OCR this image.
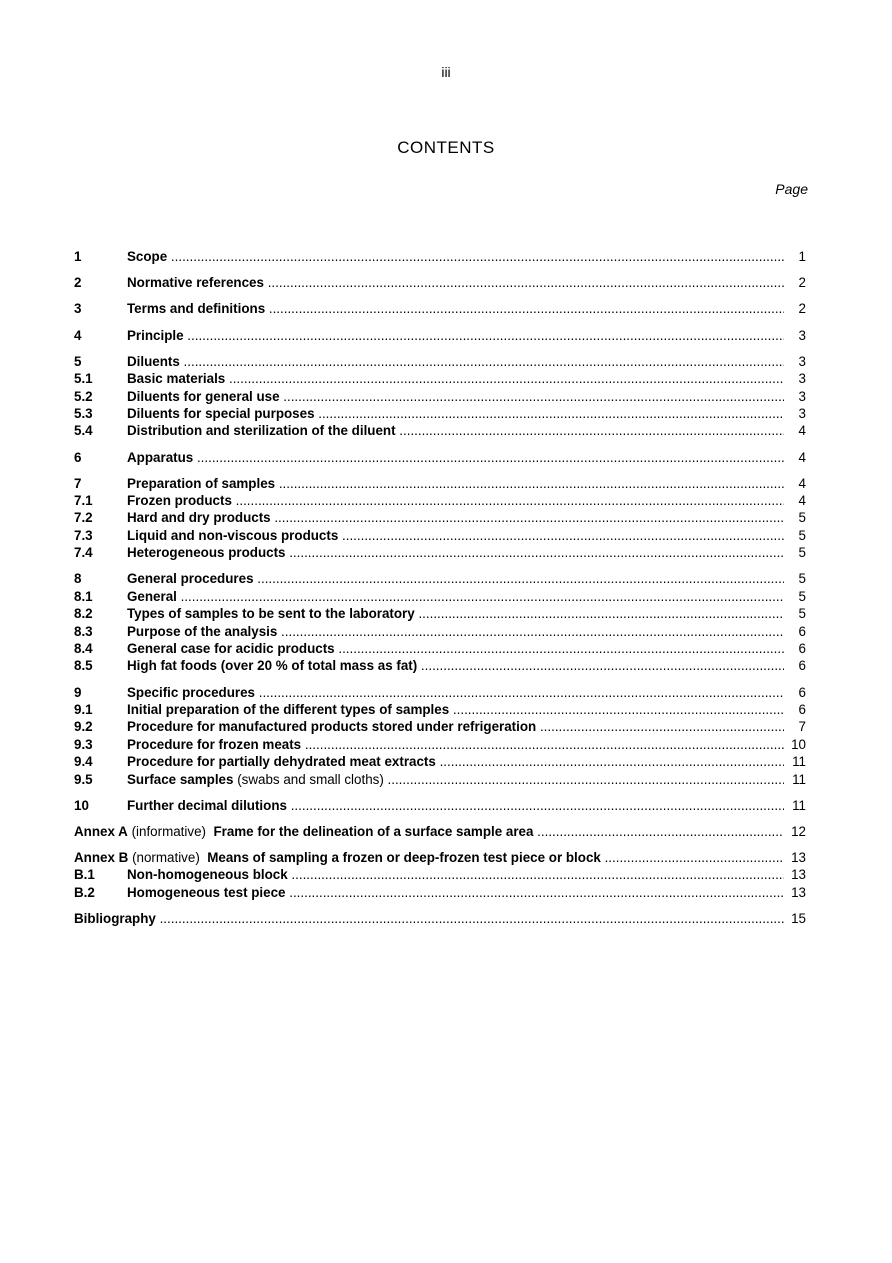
iii
CONTENTS
Page
1	Scope .....	1
2	Normative references .....	2
3	Terms and definitions .....	2
4	Principle .....	3
5	Diluents .....	3
5.1	Basic materials .....	3
5.2	Diluents for general use .....	3
5.3	Diluents for special purposes .....	3
5.4	Distribution and sterilization of the diluent .....	4
6	Apparatus .....	4
7	Preparation of samples .....	4
7.1	Frozen products .....	4
7.2	Hard and dry products .....	5
7.3	Liquid and non-viscous products .....	5
7.4	Heterogeneous products .....	5
8	General procedures .....	5
8.1	General .....	5
8.2	Types of samples to be sent to the laboratory .....	5
8.3	Purpose of the analysis .....	6
8.4	General case for acidic products .....	6
8.5	High fat foods (over 20 % of total mass as fat) .....	6
9	Specific procedures .....	6
9.1	Initial preparation of the different types of samples .....	6
9.2	Procedure for manufactured products stored under refrigeration .....	7
9.3	Procedure for frozen meats .....	10
9.4	Procedure for partially dehydrated meat extracts .....	11
9.5	Surface samples (swabs and small cloths) .....	11
10	Further decimal dilutions .....	11
Annex A (informative) Frame for the delineation of a surface sample area .....	12
Annex B (normative) Means of sampling a frozen or deep-frozen test piece or block .....	13
B.1 Non-homogeneous block .....	13
B.2 Homogeneous test piece .....	13
Bibliography .....	15
